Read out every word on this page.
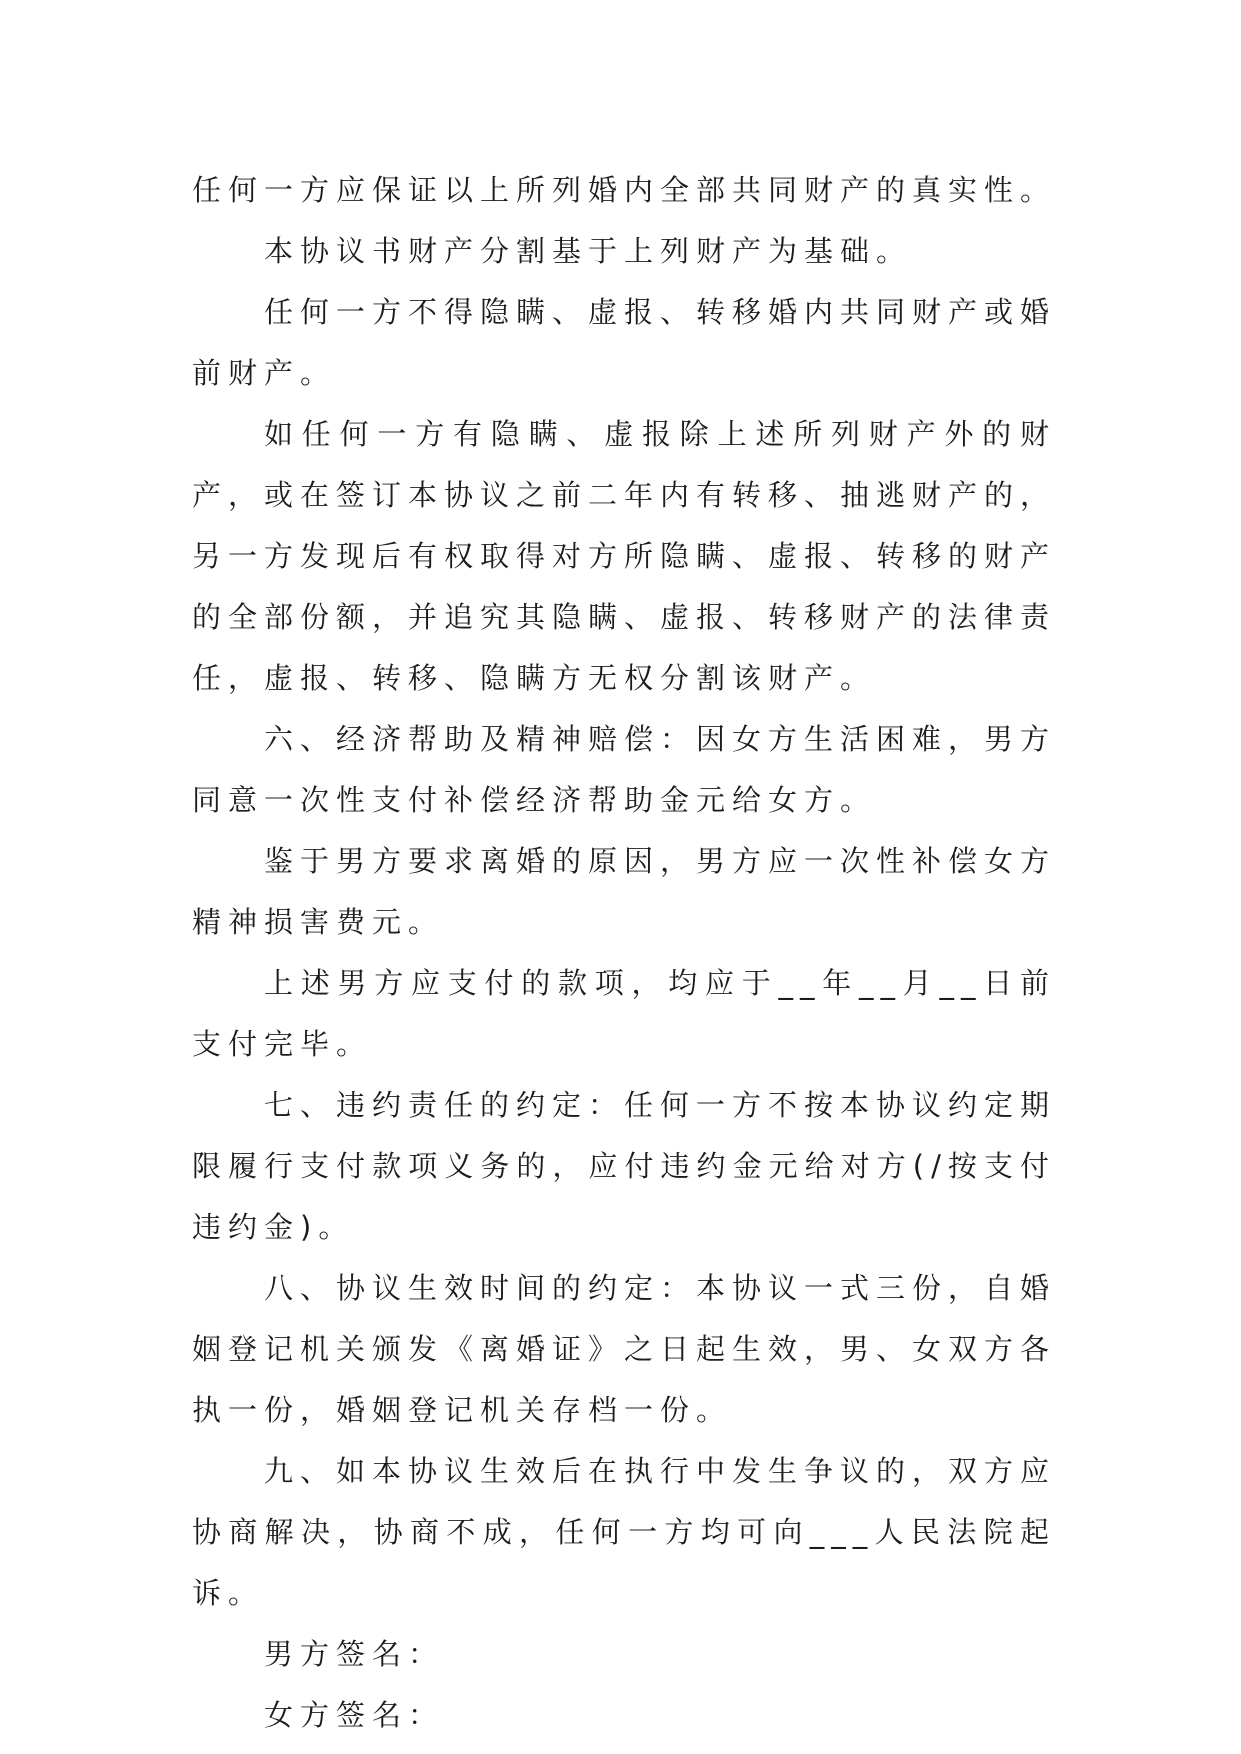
任何一方应保证以上所列婚内全部共同财产的真实性。

本协议书财产分割基于上列财产为基础。

任何一方不得隐瞒、虚报、转移婚内共同财产或婚前财产。

如任何一方有隐瞒、虚报除上述所列财产外的财产，或在签订本协议之前二年内有转移、抽逃财产的，另一方发现后有权取得对方所隐瞒、虚报、转移的财产的全部份额，并追究其隐瞒、虚报、转移财产的法律责任，虚报、转移、隐瞒方无权分割该财产。

六、经济帮助及精神赔偿：因女方生活困难，男方同意一次性支付补偿经济帮助金元给女方。

鉴于男方要求离婚的原因，男方应一次性补偿女方精神损害费元。

上述男方应支付的款项，均应于__年__月__日前支付完毕。

七、违约责任的约定：任何一方不按本协议约定期限履行支付款项义务的，应付违约金元给对方(/按支付违约金)。

八、协议生效时间的约定：本协议一式三份，自婚姻登记机关颁发《离婚证》之日起生效，男、女双方各执一份，婚姻登记机关存档一份。

九、如本协议生效后在执行中发生争议的，双方应协商解决，协商不成，任何一方均可向___人民法院起诉。

男方签名：

女方签名：
